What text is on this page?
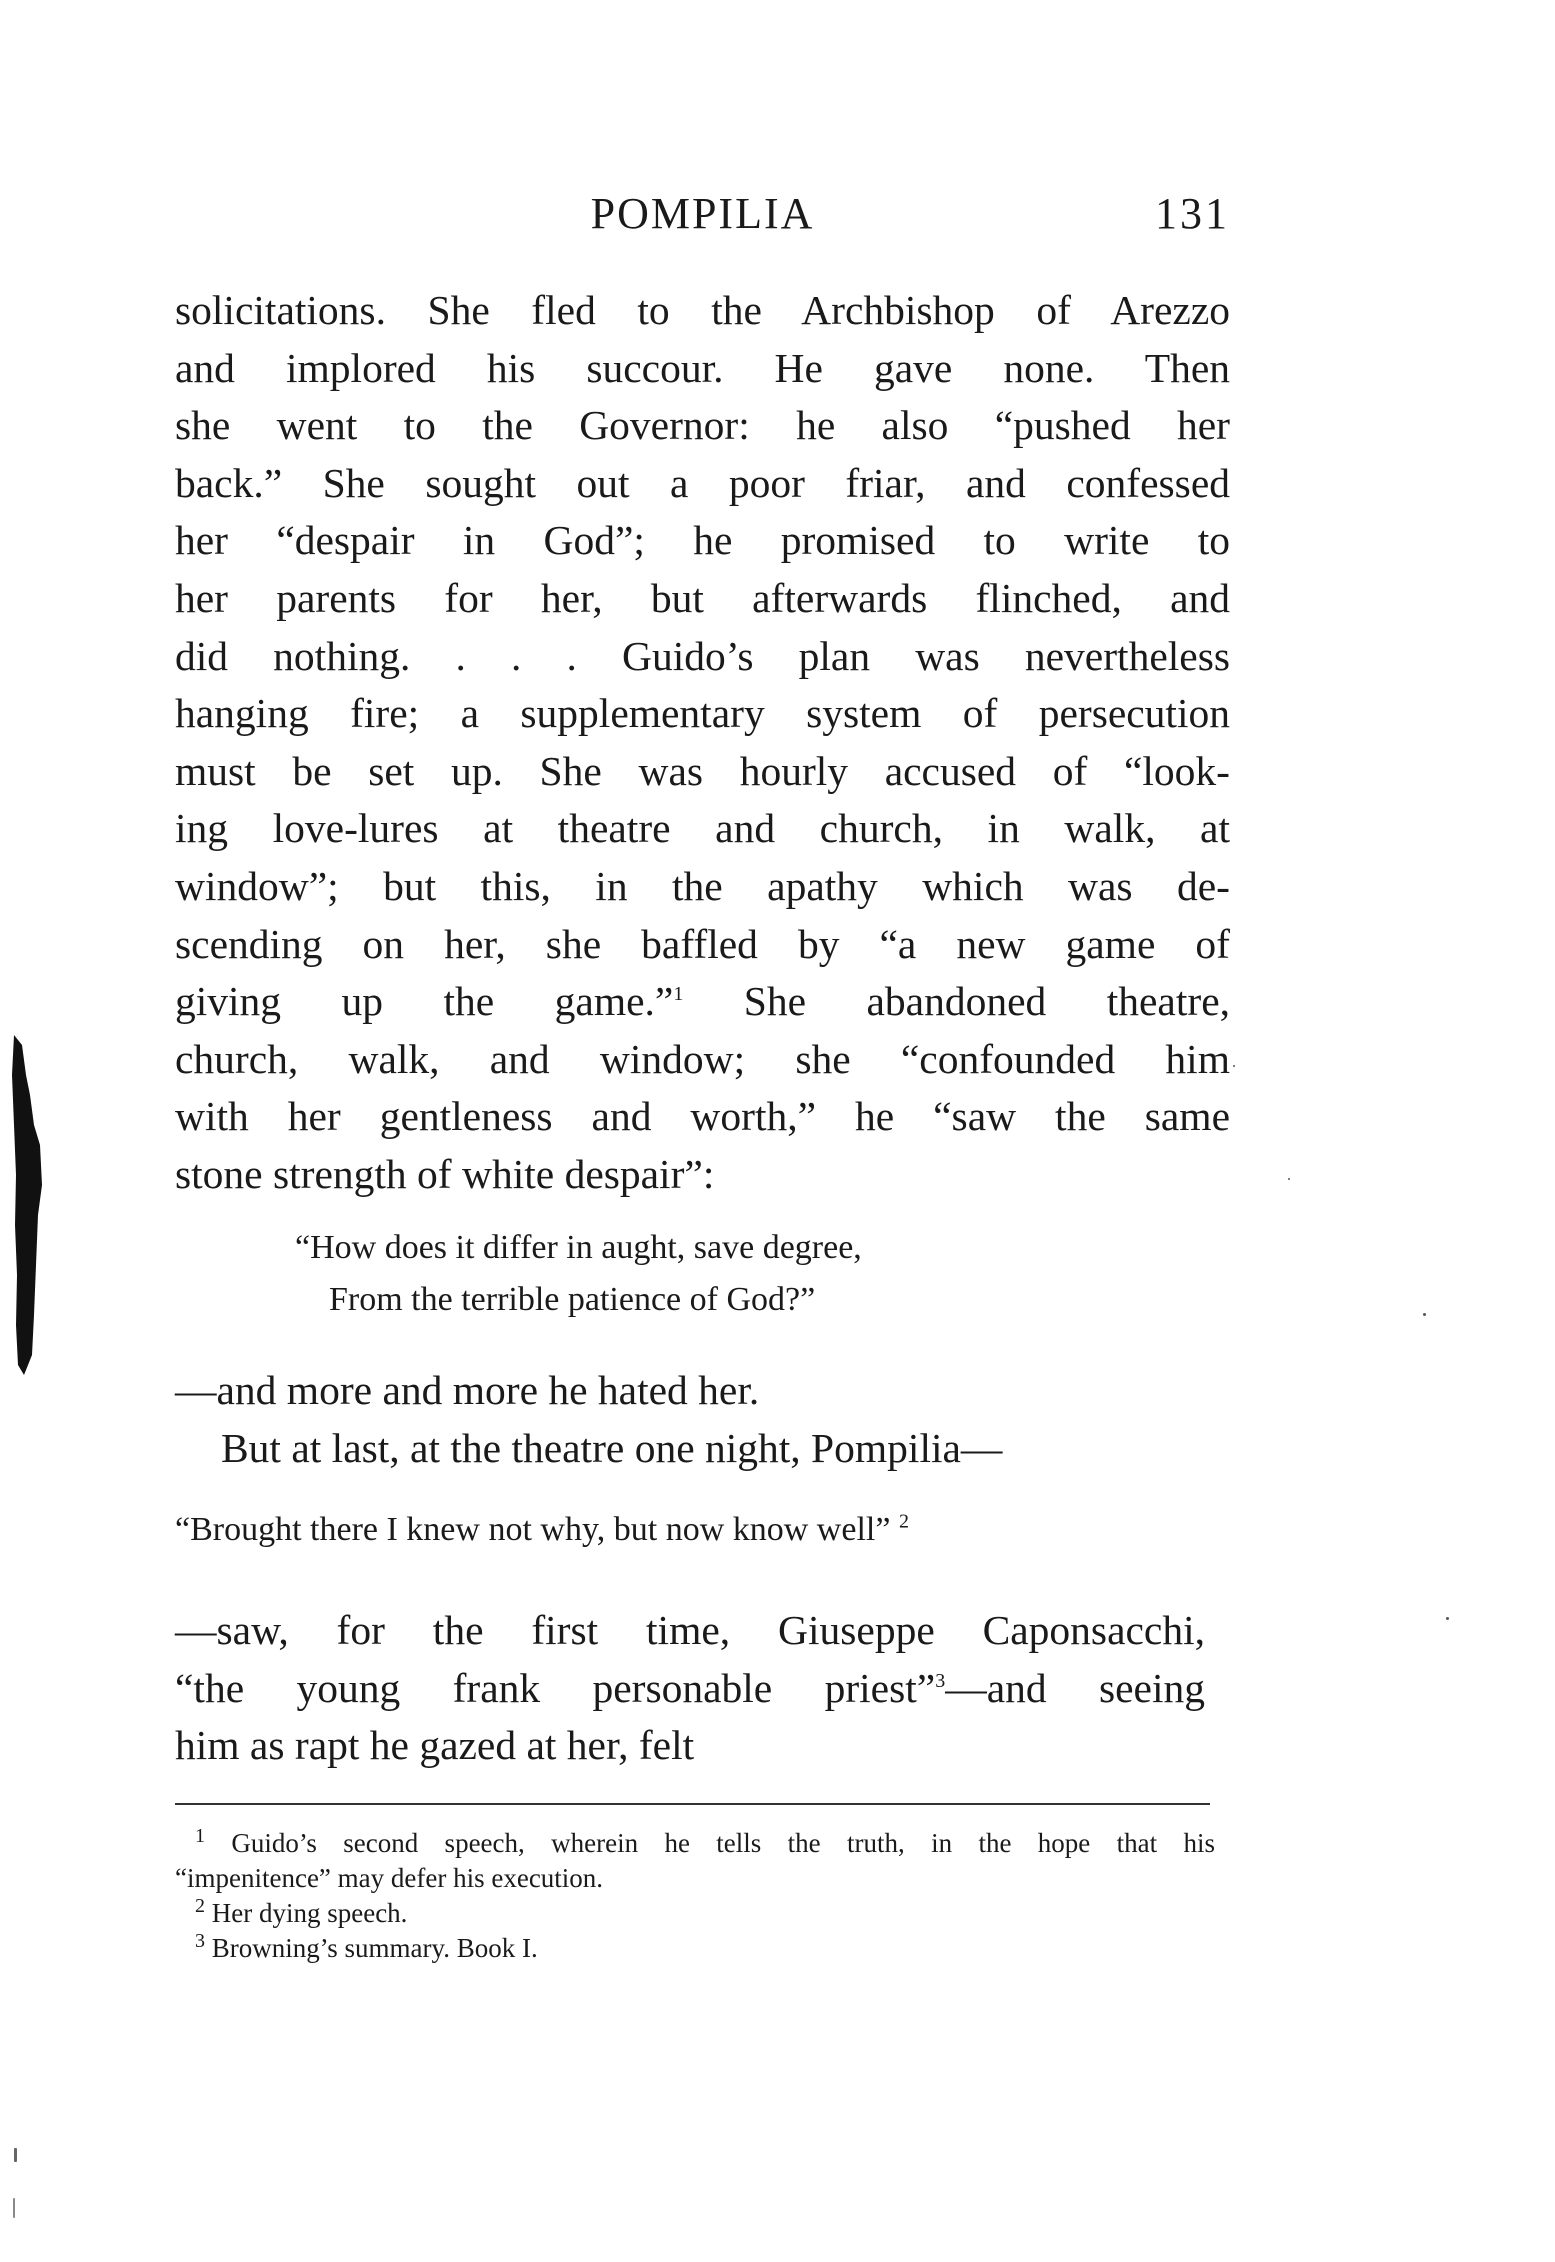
POMPILIA	131
solicitations. She fled to the Archbishop of Arezzo
and implored his succour. He gave none. Then
she went to the Governor: he also “pushed her
back.” She sought out a poor friar, and confessed
her “despair in God”; he promised to write to
her parents for her, but afterwards flinched, and
did nothing. . . . Guido’s plan was nevertheless
hanging fire; a supplementary system of persecution
must be set up. She was hourly accused of “look-
ing love-lures at theatre and church, in walk, at
window”; but this, in the apathy which was de-
scending on her, she baffled by “a new game of
giving up the game.”$^1$ She abandoned theatre,
church, walk, and window; she “confounded him
with her gentleness and worth,” he “saw the same
stone strength of white despair”:
“How does it differ in aught, save degree,
From the terrible patience of God?”
—and more and more he hated her.
But at last, at the theatre one night, Pompilia—
“Brought there I knew not why, but now know well” $^2$
—saw, for the first time, Giuseppe Caponsacchi,
“the young frank personable priest”$^3$—and seeing
him as rapt he gazed at her, felt
$^1$ Guido’s second speech, wherein he tells the truth, in the hope that his
“impenitence” may defer his execution.
$^2$ Her dying speech.
$^3$ Browning’s summary. Book I.
